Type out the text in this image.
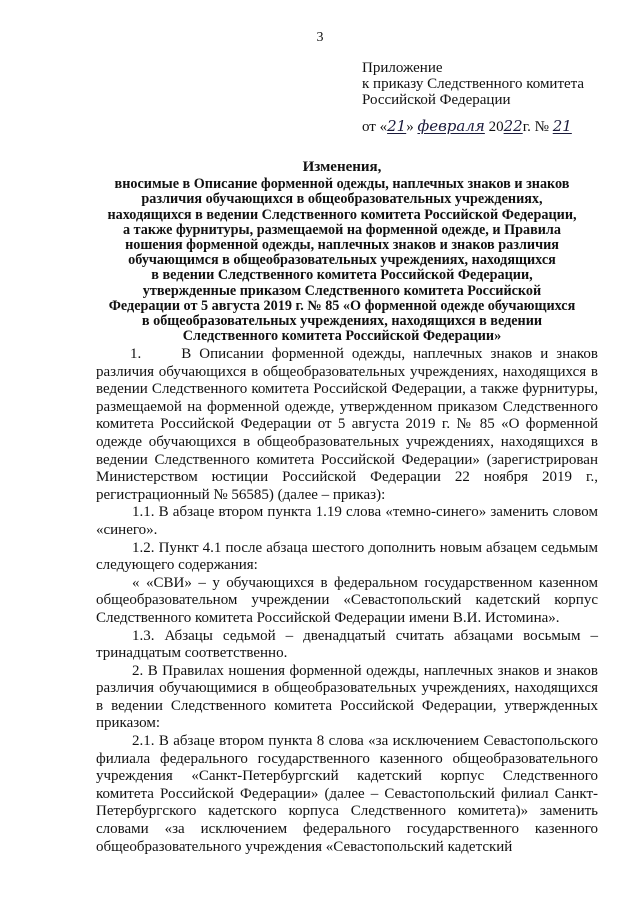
3
Приложение
к приказу Следственного комитета
Российской Федерации
от «21» февраля 2022г. № 21
Изменения,
вносимые в Описание форменной одежды, наплечных знаков и знаков
различия обучающихся в общеобразовательных учреждениях,
находящихся в ведении Следственного комитета Российской Федерации,
а также фурнитуры, размещаемой на форменной одежде, и Правила
ношения форменной одежды, наплечных знаков и знаков различия
обучающимся в общеобразовательных учреждениях, находящихся
в ведении Следственного комитета Российской Федерации,
утвержденные приказом Следственного комитета Российской
Федерации от 5 августа 2019 г. № 85 «О форменной одежде обучающихся
в общеобразовательных учреждениях, находящихся в ведении
Следственного комитета Российской Федерации»

1.     В Описании форменной одежды, наплечных знаков и знаков различия обучающихся в общеобразовательных учреждениях, находящихся в ведении Следственного комитета Российской Федерации, а также фурнитуры, размещаемой на форменной одежде, утвержденном приказом Следственного комитета Российской Федерации от 5 августа 2019 г. № 85 «О форменной одежде обучающихся в общеобразовательных учреждениях, находящихся в ведении Следственного комитета Российской Федерации» (зарегистрирован Министерством юстиции Российской Федерации 22 ноября 2019 г., регистрационный № 56585) (далее – приказ):

1.1. В абзаце втором пункта 1.19 слова «темно-синего» заменить словом «синего».

1.2. Пункт 4.1 после абзаца шестого дополнить новым абзацем седьмым следующего содержания:

« «СВИ» – у обучающихся в федеральном государственном казенном общеобразовательном учреждении «Севастопольский кадетский корпус Следственного комитета Российской Федерации имени В.И. Истомина».

1.3. Абзацы седьмой – двенадцатый считать абзацами восьмым – тринадцатым соответственно.

2. В Правилах ношения форменной одежды, наплечных знаков и знаков различия обучающимися в общеобразовательных учреждениях, находящихся в ведении Следственного комитета Российской Федерации, утвержденных приказом:

2.1. В абзаце втором пункта 8 слова «за исключением Севастопольского филиала федерального государственного казенного общеобразовательного учреждения «Санкт-Петербургский кадетский корпус Следственного комитета Российской Федерации» (далее – Севастопольский филиал Санкт-Петербургского кадетского корпуса Следственного комитета)» заменить словами «за исключением федерального государственного казенного общеобразовательного учреждения «Севастопольский кадетский
